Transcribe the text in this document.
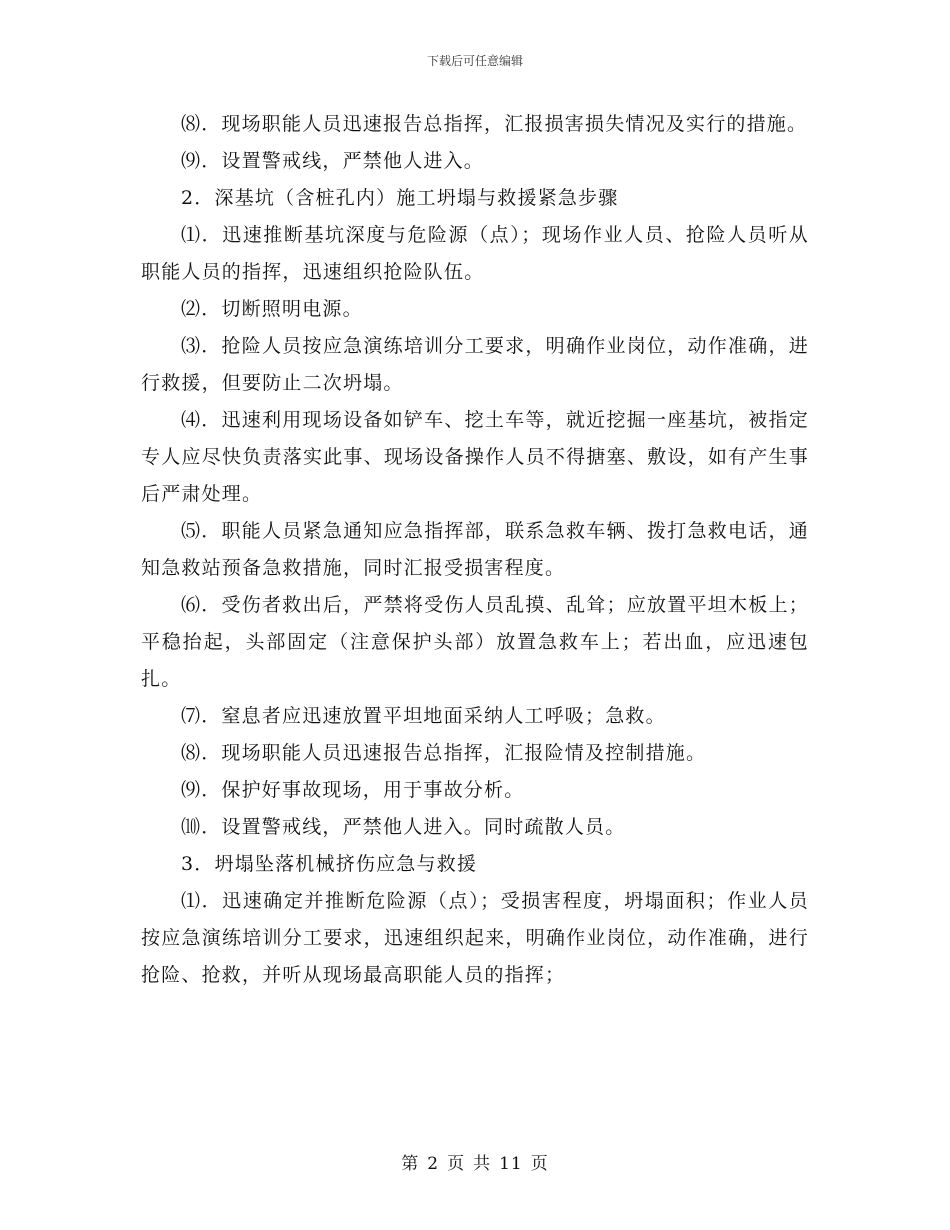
下载后可任意编辑

⑻．现场职能人员迅速报告总指挥，汇报损害损失情况及实行的措施。

⑼．设置警戒线，严禁他人进入。

2．深基坑（含桩孔内）施工坍塌与救援紧急步骤

⑴．迅速推断基坑深度与危险源（点）；现场作业人员、抢险人员听从职能人员的指挥，迅速组织抢险队伍。

⑵．切断照明电源。

⑶．抢险人员按应急演练培训分工要求，明确作业岗位，动作准确，进行救援，但要防止二次坍塌。

⑷．迅速利用现场设备如铲车、挖土车等，就近挖掘一座基坑，被指定专人应尽快负责落实此事、现场设备操作人员不得搪塞、敷设，如有产生事后严肃处理。

⑸．职能人员紧急通知应急指挥部，联系急救车辆、拨打急救电话，通知急救站预备急救措施，同时汇报受损害程度。

⑹．受伤者救出后，严禁将受伤人员乱摸、乱耸；应放置平坦木板上；平稳抬起，头部固定（注意保护头部）放置急救车上；若出血，应迅速包扎。

⑺．窒息者应迅速放置平坦地面采纳人工呼吸；急救。

⑻．现场职能人员迅速报告总指挥，汇报险情及控制措施。

⑼．保护好事故现场，用于事故分析。

⑽．设置警戒线，严禁他人进入。同时疏散人员。

3．坍塌坠落机械挤伤应急与救援

⑴．迅速确定并推断危险源（点）；受损害程度，坍塌面积；作业人员按应急演练培训分工要求，迅速组织起来，明确作业岗位，动作准确，进行抢险、抢救，并听从现场最高职能人员的指挥；

第 2 页 共 11 页
